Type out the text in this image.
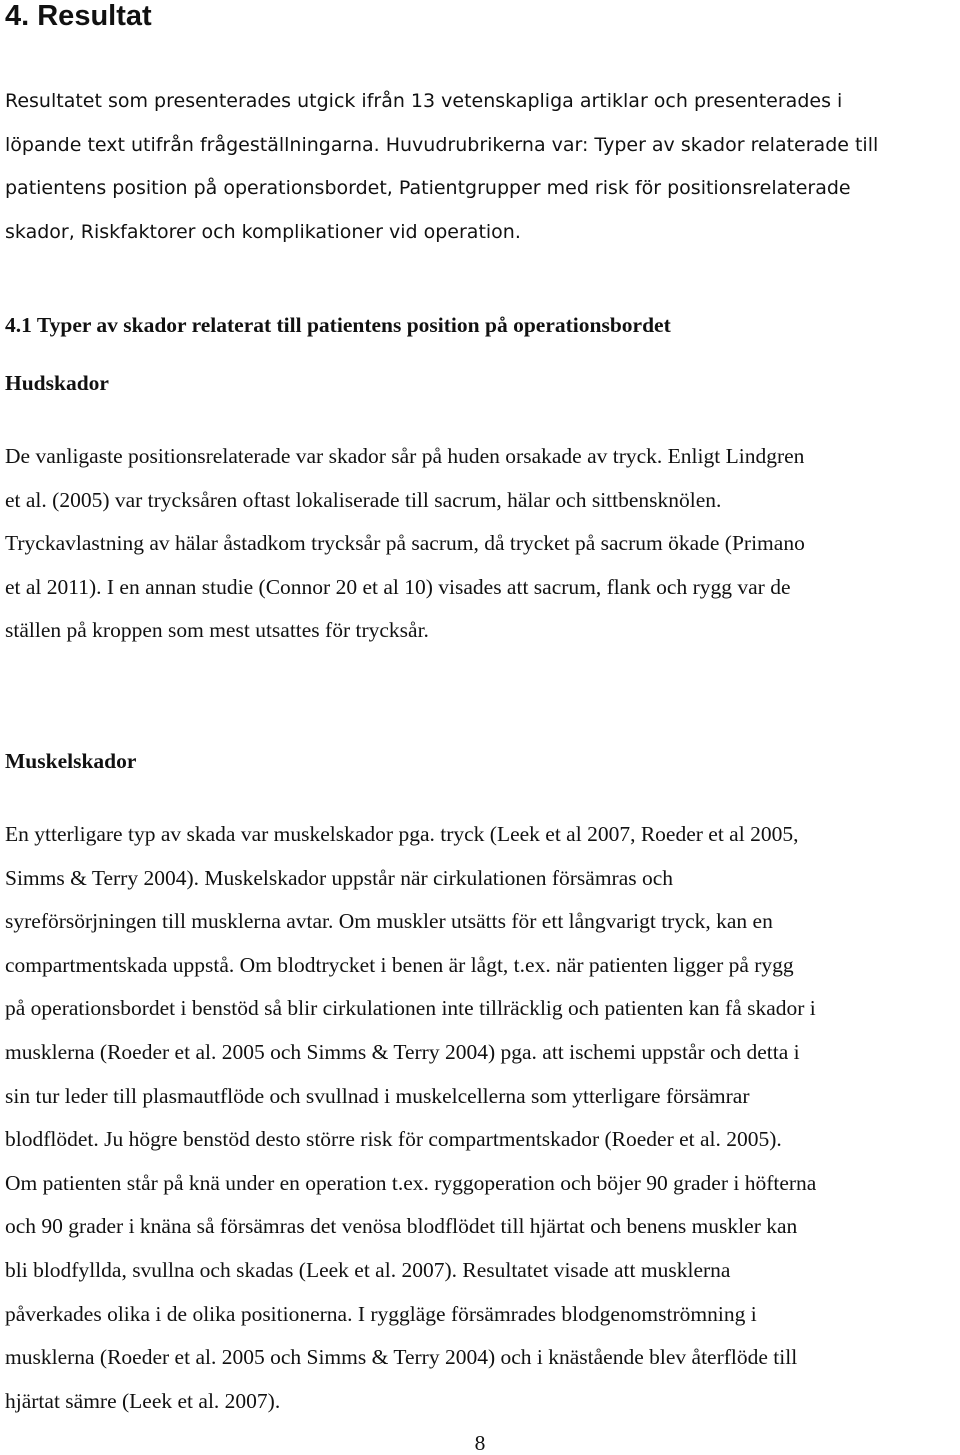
4. Resultat
Resultatet som presenterades utgick ifrån 13 vetenskapliga artiklar och presenterades i
löpande text utifrån frågeställningarna. Huvudrubrikerna var: Typer av skador relaterade till
patientens position på operationsbordet, Patientgrupper med risk för positionsrelaterade
skador, Riskfaktorer och komplikationer vid operation.
4.1 Typer av skador relaterat till patientens position på operationsbordet
Hudskador
De vanligaste positionsrelaterade var skador sår på huden orsakade av tryck. Enligt Lindgren
et al. (2005) var trycksåren oftast lokaliserade till sacrum, hälar och sittbensknölen.
Tryckavlastning av hälar åstadkom trycksår på sacrum, då trycket på sacrum ökade (Primano
et al 2011). I en annan studie (Connor 20 et al 10) visades att sacrum, flank och rygg var de
ställen på kroppen som mest utsattes för trycksår.
Muskelskador
En ytterligare typ av skada var muskelskador pga. tryck (Leek et al 2007, Roeder et al 2005,
Simms & Terry 2004). Muskelskador uppstår när cirkulationen försämras och
syreförsörjningen till musklerna avtar. Om muskler utsätts för ett långvarigt tryck, kan en
compartmentskada uppstå. Om blodtrycket i benen är lågt, t.ex. när patienten ligger på rygg
på operationsbordet i benstöd så blir cirkulationen inte tillräcklig och patienten kan få skador i
musklerna (Roeder et al. 2005 och Simms & Terry 2004) pga. att ischemi uppstår och detta i
sin tur leder till plasmautflöde och svullnad i muskelcellerna som ytterligare försämrar
blodflödet. Ju högre benstöd desto större risk för compartmentskador (Roeder et al. 2005).
Om patienten står på knä under en operation t.ex. ryggoperation och böjer 90 grader i höfterna
och 90 grader i knäna så försämras det venösa blodflödet till hjärtat och benens muskler kan
bli blodfyllda, svullna och skadas (Leek et al. 2007). Resultatet visade att musklerna
påverkades olika i de olika positionerna. I ryggläge försämrades blodgenomströmning i
musklerna (Roeder et al. 2005 och Simms & Terry 2004) och i knästående blev återflöde till
hjärtat sämre (Leek et al. 2007).
8
